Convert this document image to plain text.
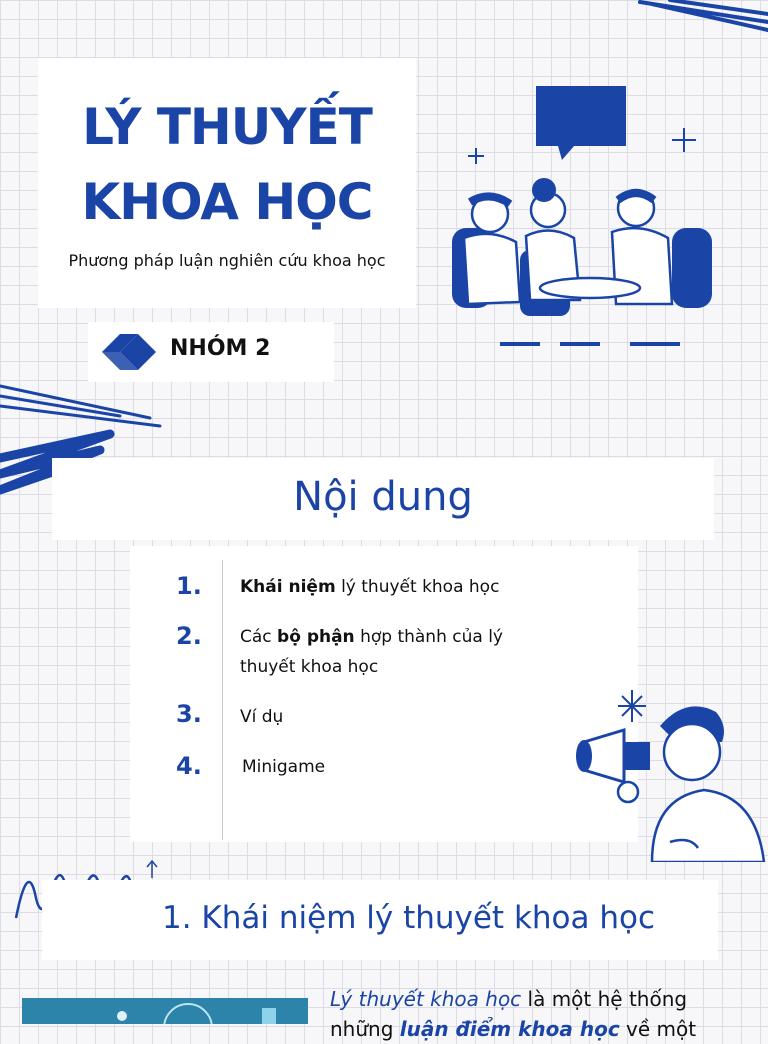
LÝ THUYẾT
KHOA HỌC
Phương pháp luận nghiên cứu khoa học
NHÓM 2
Nội dung
1. Khái niệm lý thuyết khoa học
2. Các bộ phận hợp thành của lý thuyết khoa học
3. Ví dụ
4. Minigame
1. Khái niệm lý thuyết khoa học
Lý thuyết khoa học là một hệ thống
những luận điểm khoa học về một
